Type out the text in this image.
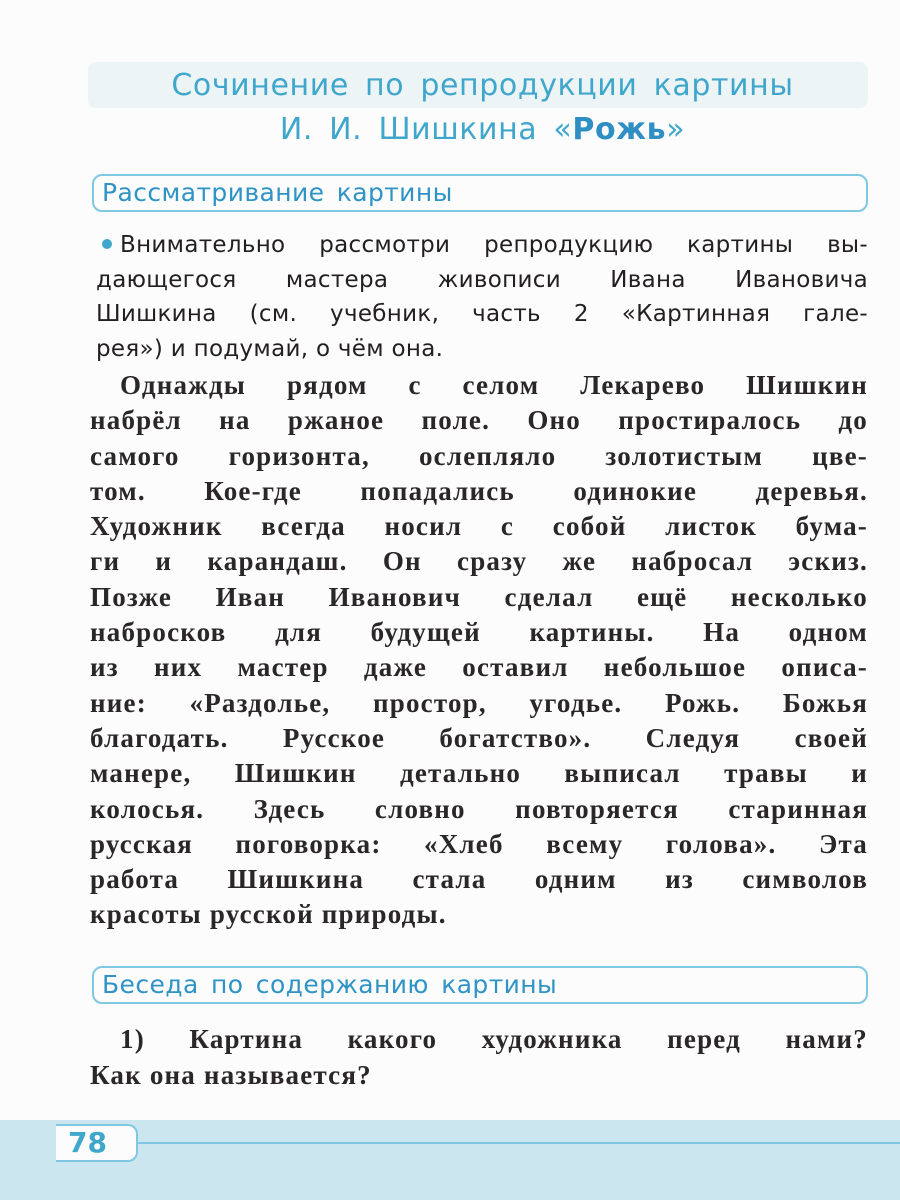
Сочинение по репродукции картины
И. И. Шишкина «Рожь»
Рассматривание картины
Внимательно рассмотри репродукцию картины вы-
дающегося мастера живописи Ивана Ивановича
Шишкина (см. учебник, часть 2 «Картинная гале-
рея») и подумай, о чём она.
Однажды рядом с селом Лекарево Шишкин
набрёл на ржаное поле. Оно простиралось до
самого горизонта, ослепляло золотистым цве-
том. Кое-где попадались одинокие деревья.
Художник всегда носил с собой листок бума-
ги и карандаш. Он сразу же набросал эскиз.
Позже Иван Иванович сделал ещё несколько
набросков для будущей картины. На одном
из них мастер даже оставил небольшое описа-
ние: «Раздолье, простор, угодье. Рожь. Божья
благодать. Русское богатство». Следуя своей
манере, Шишкин детально выписал травы и
колосья. Здесь словно повторяется старинная
русская поговорка: «Хлеб всему голова». Эта
работа Шишкина стала одним из символов
красоты русской природы.
Беседа по содержанию картины
1) Картина какого художника перед нами?
Как она называется?
78
